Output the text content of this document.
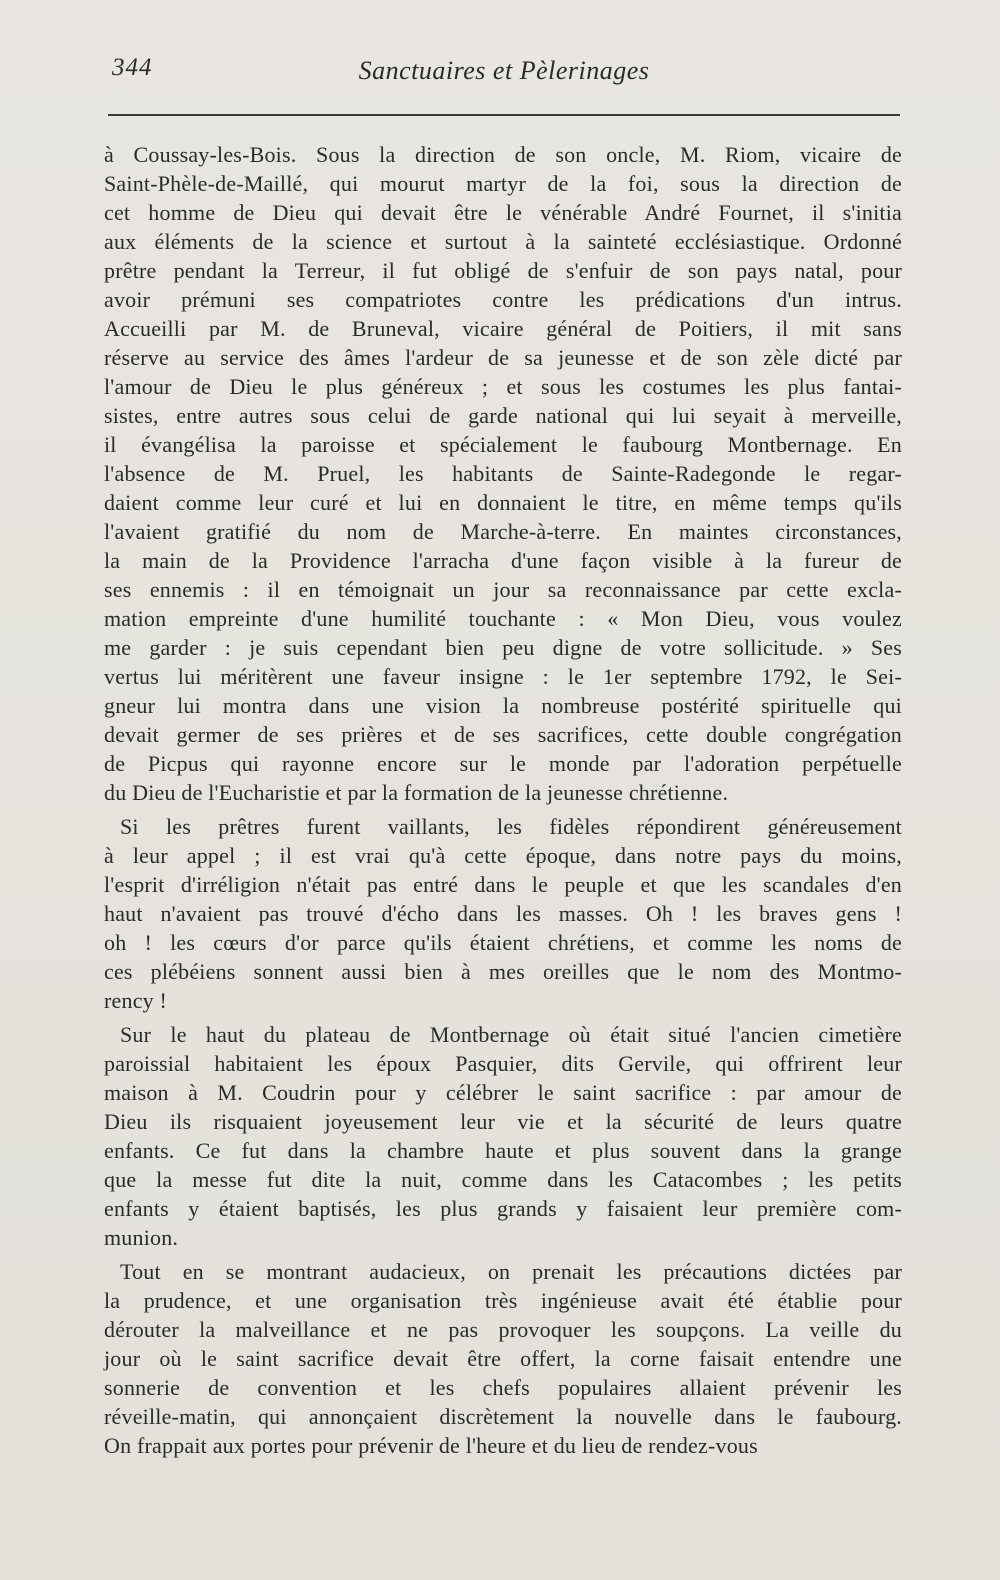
344	Sanctuaires et Pèlerinages
à Coussay-les-Bois. Sous la direction de son oncle, M. Riom, vicaire de
Saint-Phèle-de-Maillé, qui mourut martyr de la foi, sous la direction de
cet homme de Dieu qui devait être le vénérable André Fournet, il s'initia
aux éléments de la science et surtout à la sainteté ecclésiastique. Ordonné
prêtre pendant la Terreur, il fut obligé de s'enfuir de son pays natal, pour
avoir prémuni ses compatriotes contre les prédications d'un intrus.
Accueilli par M. de Bruneval, vicaire général de Poitiers, il mit sans
réserve au service des âmes l'ardeur de sa jeunesse et de son zèle dicté par
l'amour de Dieu le plus généreux ; et sous les costumes les plus fantai-
sistes, entre autres sous celui de garde national qui lui seyait à merveille,
il évangélisa la paroisse et spécialement le faubourg Montbernage. En
l'absence de M. Pruel, les habitants de Sainte-Radegonde le regar-
daient comme leur curé et lui en donnaient le titre, en même temps qu'ils
l'avaient gratifié du nom de Marche-à-terre. En maintes circonstances,
la main de la Providence l'arracha d'une façon visible à la fureur de
ses ennemis : il en témoignait un jour sa reconnaissance par cette excla-
mation empreinte d'une humilité touchante : « Mon Dieu, vous voulez
me garder : je suis cependant bien peu digne de votre sollicitude. » Ses
vertus lui méritèrent une faveur insigne : le 1er septembre 1792, le Sei-
gneur lui montra dans une vision la nombreuse postérité spirituelle qui
devait germer de ses prières et de ses sacrifices, cette double congrégation
de Picpus qui rayonne encore sur le monde par l'adoration perpétuelle
du Dieu de l'Eucharistie et par la formation de la jeunesse chrétienne.
Si les prêtres furent vaillants, les fidèles répondirent généreusement
à leur appel ; il est vrai qu'à cette époque, dans notre pays du moins,
l'esprit d'irréligion n'était pas entré dans le peuple et que les scandales d'en
haut n'avaient pas trouvé d'écho dans les masses. Oh ! les braves gens !
oh ! les cœurs d'or parce qu'ils étaient chrétiens, et comme les noms de
ces plébéiens sonnent aussi bien à mes oreilles que le nom des Montmo-
rency !
Sur le haut du plateau de Montbernage où était situé l'ancien cimetière
paroissial habitaient les époux Pasquier, dits Gervile, qui offrirent leur
maison à M. Coudrin pour y célébrer le saint sacrifice : par amour de
Dieu ils risquaient joyeusement leur vie et la sécurité de leurs quatre
enfants. Ce fut dans la chambre haute et plus souvent dans la grange
que la messe fut dite la nuit, comme dans les Catacombes ; les petits
enfants y étaient baptisés, les plus grands y faisaient leur première com-
munion.
Tout en se montrant audacieux, on prenait les précautions dictées par
la prudence, et une organisation très ingénieuse avait été établie pour
dérouter la malveillance et ne pas provoquer les soupçons. La veille du
jour où le saint sacrifice devait être offert, la corne faisait entendre une
sonnerie de convention et les chefs populaires allaient prévenir les
réveille-matin, qui annonçaient discrètement la nouvelle dans le faubourg.
On frappait aux portes pour prévenir de l'heure et du lieu de rendez-vous
